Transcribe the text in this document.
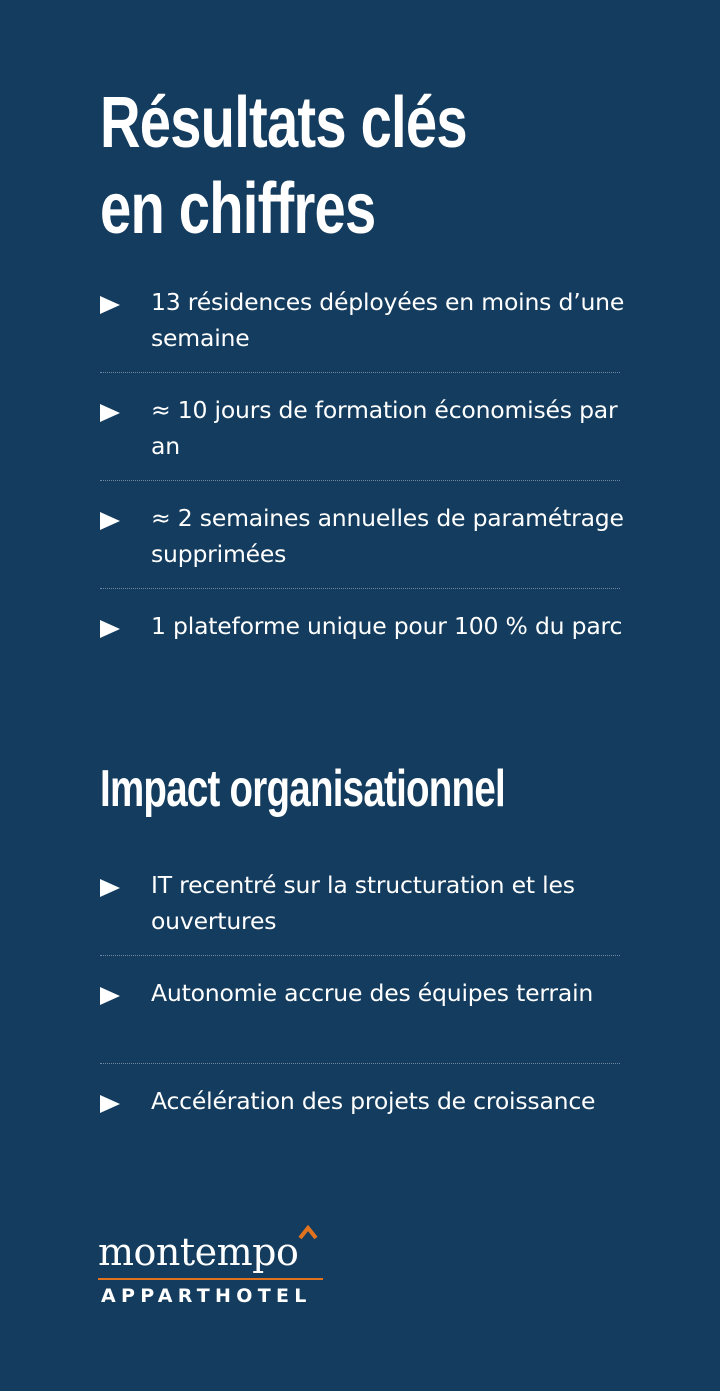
Résultats clés
en chiffres
13 résidences déployées en moins d’une semaine
≈ 10 jours de formation économisés par an
≈ 2 semaines annuelles de paramétrage supprimées
1 plateforme unique pour 100 % du parc
Impact organisationnel
IT recentré sur la structuration et les ouvertures
Autonomie accrue des équipes terrain
Accélération des projets de croissance
montempo
APPARTHOTEL
